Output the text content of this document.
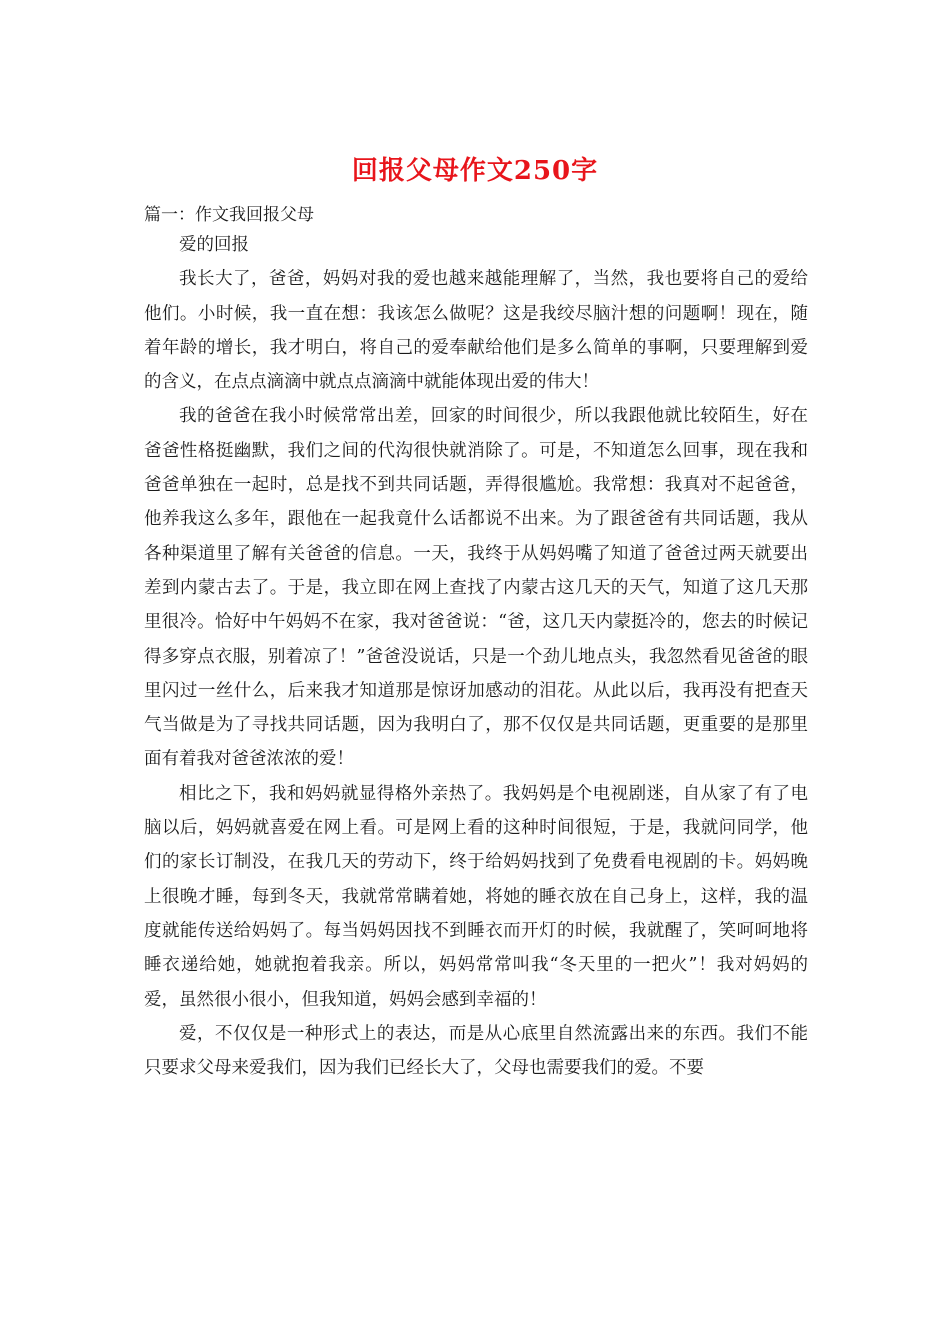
回报父母作文250字

篇一：作文我回报父母

爱的回报

我长大了，爸爸，妈妈对我的爱也越来越能理解了，当然，我也要将自己的爱给他们。小时候，我一直在想：我该怎么做呢？这是我绞尽脑汁想的问题啊！现在，随着年龄的增长，我才明白，将自己的爱奉献给他们是多么简单的事啊，只要理解到爱的含义，在点点滴滴中就点点滴滴中就能体现出爱的伟大！

我的爸爸在我小时候常常出差，回家的时间很少，所以我跟他就比较陌生，好在爸爸性格挺幽默，我们之间的代沟很快就消除了。可是，不知道怎么回事，现在我和爸爸单独在一起时，总是找不到共同话题，弄得很尴尬。我常想：我真对不起爸爸，他养我这么多年，跟他在一起我竟什么话都说不出来。为了跟爸爸有共同话题，我从各种渠道里了解有关爸爸的信息。一天，我终于从妈妈嘴了知道了爸爸过两天就要出差到内蒙古去了。于是，我立即在网上查找了内蒙古这几天的天气，知道了这几天那里很冷。恰好中午妈妈不在家，我对爸爸说：“爸，这几天内蒙挺冷的，您去的时候记得多穿点衣服，别着凉了！”爸爸没说话，只是一个劲儿地点头，我忽然看见爸爸的眼里闪过一丝什么，后来我才知道那是惊讶加感动的泪花。从此以后，我再没有把查天气当做是为了寻找共同话题，因为我明白了，那不仅仅是共同话题，更重要的是那里面有着我对爸爸浓浓的爱！

相比之下，我和妈妈就显得格外亲热了。我妈妈是个电视剧迷，自从家了有了电脑以后，妈妈就喜爱在网上看。可是网上看的这种时间很短，于是，我就问同学，他们的家长订制没，在我几天的劳动下，终于给妈妈找到了免费看电视剧的卡。妈妈晚上很晚才睡，每到冬天，我就常常瞒着她，将她的睡衣放在自己身上，这样，我的温度就能传送给妈妈了。每当妈妈因找不到睡衣而开灯的时候，我就醒了，笑呵呵地将睡衣递给她，她就抱着我亲。所以，妈妈常常叫我“冬天里的一把火”！我对妈妈的爱，虽然很小很小，但我知道，妈妈会感到幸福的！

爱，不仅仅是一种形式上的表达，而是从心底里自然流露出来的东西。我们不能只要求父母来爱我们，因为我们已经长大了，父母也需要我们的爱。不要
